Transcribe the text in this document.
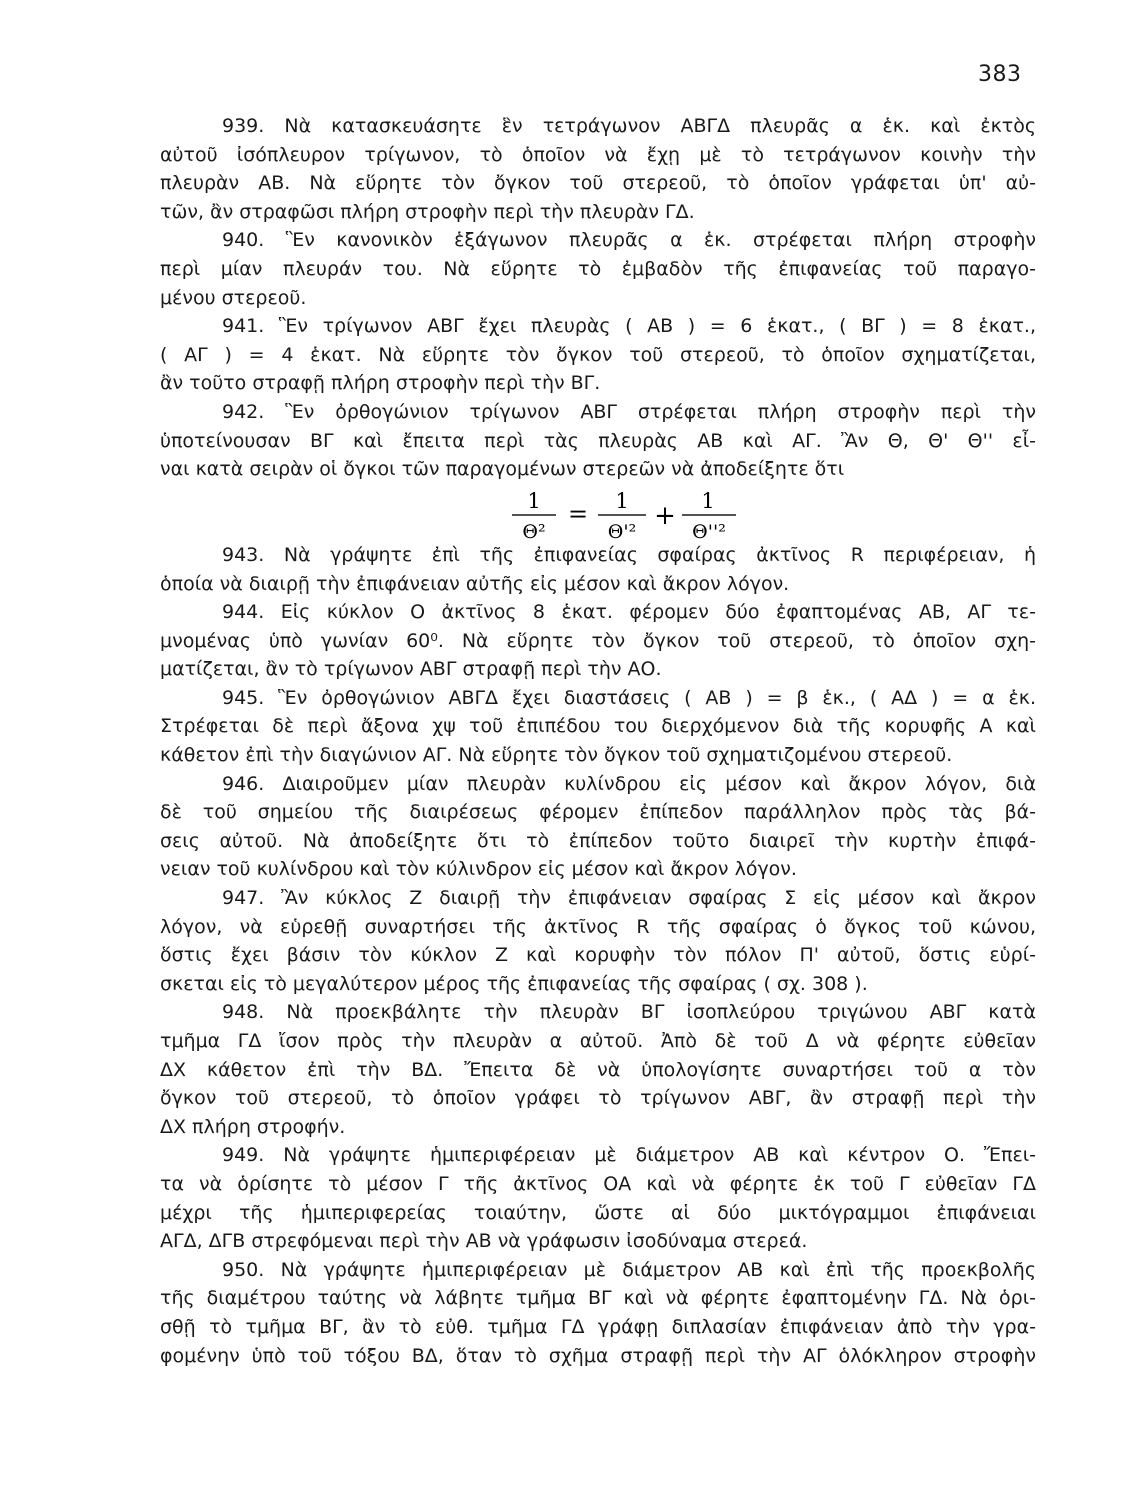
383
939. Νὰ κατασκευάσητε ἓν τετράγωνον ΑΒΓΔ πλευρᾶς α ἑκ. καὶ ἐκτὸς
αὐτοῦ ἰσόπλευρον τρίγωνον, τὸ ὁποῖον νὰ ἔχῃ μὲ τὸ τετράγωνον κοινὴν τὴν
πλευρὰν ΑΒ. Νὰ εὕρητε τὸν ὄγκον τοῦ στερεοῦ, τὸ ὁποῖον γράφεται ὑπ' αὐ-
τῶν, ἂν στραφῶσι πλήρη στροφὴν περὶ τὴν πλευρὰν ΓΔ.
940. Ἓν κανονικὸν ἑξάγωνον πλευρᾶς α ἑκ. στρέφεται πλήρη στροφὴν
περὶ μίαν πλευράν του. Νὰ εὕρητε τὸ ἐμβαδὸν τῆς ἐπιφανείας τοῦ παραγο-
μένου στερεοῦ.
941. Ἓν τρίγωνον ΑΒΓ ἔχει πλευρὰς ( ΑΒ ) = 6 ἑκατ., ( ΒΓ ) = 8 ἑκατ.,
( ΑΓ ) = 4 ἑκατ. Νὰ εὕρητε τὸν ὄγκον τοῦ στερεοῦ, τὸ ὁποῖον σχηματίζεται,
ἂν τοῦτο στραφῇ πλήρη στροφὴν περὶ τὴν ΒΓ.
942. Ἓν ὀρθογώνιον τρίγωνον ΑΒΓ στρέφεται πλήρη στροφὴν περὶ τὴν
ὑποτείνουσαν ΒΓ καὶ ἔπειτα περὶ τὰς πλευρὰς ΑΒ καὶ ΑΓ. Ἂν Θ, Θ' Θ'' εἶ-
ναι κατὰ σειρὰν οἱ ὄγκοι τῶν παραγομένων στερεῶν νὰ ἀποδείξητε ὅτι
943. Νὰ γράψητε ἐπὶ τῆς ἐπιφανείας σφαίρας ἀκτῖνος R περιφέρειαν, ἡ
ὁποία νὰ διαιρῇ τὴν ἐπιφάνειαν αὐτῆς εἰς μέσον καὶ ἄκρον λόγον.
944. Εἰς κύκλον Ο ἀκτῖνος 8 ἑκατ. φέρομεν δύο ἐφαπτομένας ΑΒ, ΑΓ τε-
μνομένας ὑπὸ γωνίαν 60⁰. Νὰ εὕρητε τὸν ὄγκον τοῦ στερεοῦ, τὸ ὁποῖον σχη-
ματίζεται, ἂν τὸ τρίγωνον ΑΒΓ στραφῇ περὶ τὴν ΑΟ.
945. Ἓν ὀρθογώνιον ΑΒΓΔ ἔχει διαστάσεις ( ΑΒ ) = β ἑκ., ( ΑΔ ) = α ἑκ.
Στρέφεται δὲ περὶ ἄξονα χψ τοῦ ἐπιπέδου του διερχόμενον διὰ τῆς κορυφῆς Α καὶ
κάθετον ἐπὶ τὴν διαγώνιον ΑΓ. Νὰ εὕρητε τὸν ὄγκον τοῦ σχηματιζομένου στερεοῦ.
946. Διαιροῦμεν μίαν πλευρὰν κυλίνδρου εἰς μέσον καὶ ἄκρον λόγον, διὰ
δὲ τοῦ σημείου τῆς διαιρέσεως φέρομεν ἐπίπεδον παράλληλον πρὸς τὰς βά-
σεις αὐτοῦ. Νὰ ἀποδείξητε ὅτι τὸ ἐπίπεδον τοῦτο διαιρεῖ τὴν κυρτὴν ἐπιφά-
νειαν τοῦ κυλίνδρου καὶ τὸν κύλινδρον εἰς μέσον καὶ ἄκρον λόγον.
947. Ἂν κύκλος Ζ διαιρῇ τὴν ἐπιφάνειαν σφαίρας Σ εἰς μέσον καὶ ἄκρον
λόγον, νὰ εὑρεθῇ συναρτήσει τῆς ἀκτῖνος R τῆς σφαίρας ὁ ὄγκος τοῦ κώνου,
ὅστις ἔχει βάσιν τὸν κύκλον Ζ καὶ κορυφὴν τὸν πόλον Π' αὐτοῦ, ὅστις εὑρί-
σκεται εἰς τὸ μεγαλύτερον μέρος τῆς ἐπιφανείας τῆς σφαίρας ( σχ. 308 ).
948. Νὰ προεκβάλητε τὴν πλευρὰν ΒΓ ἰσοπλεύρου τριγώνου ΑΒΓ κατὰ
τμῆμα ΓΔ ἴσον πρὸς τὴν πλευρὰν α αὐτοῦ. Ἀπὸ δὲ τοῦ Δ νὰ φέρητε εὐθεῖαν
ΔΧ κάθετον ἐπὶ τὴν ΒΔ. Ἔπειτα δὲ νὰ ὑπολογίσητε συναρτήσει τοῦ α τὸν
ὄγκον τοῦ στερεοῦ, τὸ ὁποῖον γράφει τὸ τρίγωνον ΑΒΓ, ἂν στραφῇ περὶ τὴν
ΔΧ πλήρη στροφήν.
949. Νὰ γράψητε ἡμιπεριφέρειαν μὲ διάμετρον ΑΒ καὶ κέντρον Ο. Ἔπει-
τα νὰ ὁρίσητε τὸ μέσον Γ τῆς ἀκτῖνος ΟΑ καὶ νὰ φέρητε ἐκ τοῦ Γ εὐθεῖαν ΓΔ
μέχρι τῆς ἡμιπεριφερείας τοιαύτην, ὥστε αἱ δύο μικτόγραμμοι ἐπιφάνειαι
ΑΓΔ, ΔΓΒ στρεφόμεναι περὶ τὴν ΑΒ νὰ γράφωσιν ἰσοδύναμα στερεά.
950. Νὰ γράψητε ἡμιπεριφέρειαν μὲ διάμετρον ΑΒ καὶ ἐπὶ τῆς προεκβολῆς
τῆς διαμέτρου ταύτης νὰ λάβητε τμῆμα ΒΓ καὶ νὰ φέρητε ἐφαπτομένην ΓΔ. Νὰ ὁρι-
σθῇ τὸ τμῆμα ΒΓ, ἂν τὸ εὐθ. τμῆμα ΓΔ γράφῃ διπλασίαν ἐπιφάνειαν ἀπὸ τὴν γρα-
φομένην ὑπὸ τοῦ τόξου ΒΔ, ὅταν τὸ σχῆμα στραφῇ περὶ τὴν ΑΓ ὁλόκληρον στροφὴν
1
Θ²
= 1
Θ'²
+ 1
Θ''²
